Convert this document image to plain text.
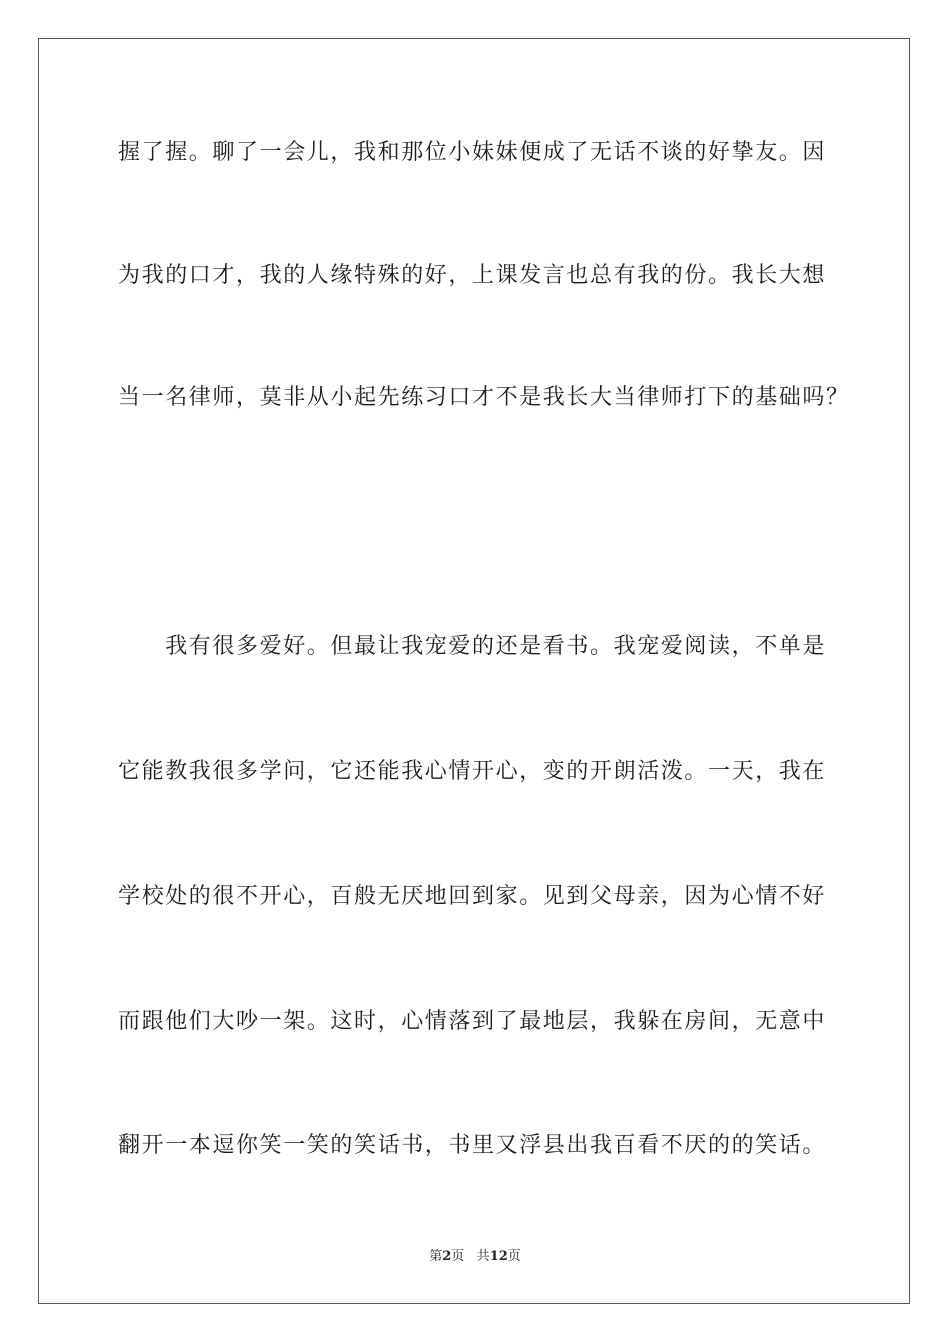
握了握。聊了一会儿，我和那位小妹妹便成了无话不谈的好挚友。因
为我的口才，我的人缘特殊的好，上课发言也总有我的份。我长大想
当一名律师，莫非从小起先练习口才不是我长大当律师打下的基础吗？
　　我有很多爱好。但最让我宠爱的还是看书。我宠爱阅读，不单是
它能教我很多学问，它还能我心情开心，变的开朗活泼。一天，我在
学校处的很不开心，百般无厌地回到家。见到父母亲，因为心情不好
而跟他们大吵一架。这时，心情落到了最地层，我躲在房间，无意中
翻开一本逗你笑一笑的笑话书，书里又浮县出我百看不厌的的笑话。
第2页 共12页
